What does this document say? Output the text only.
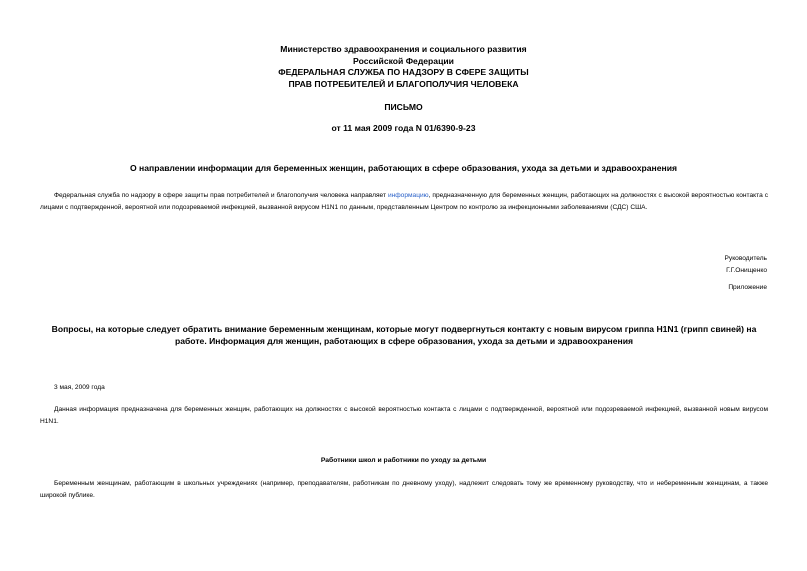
Министерство здравоохранения и социального развития
Российской Федерации
ФЕДЕРАЛЬНАЯ СЛУЖБА ПО НАДЗОРУ В СФЕРЕ ЗАЩИТЫ
ПРАВ ПОТРЕБИТЕЛЕЙ И БЛАГОПОЛУЧИЯ ЧЕЛОВЕКА
ПИСЬМО
от 11 мая 2009 года N 01/6390-9-23
О направлении информации для беременных женщин, работающих в сфере образования, ухода за детьми и здравоохранения
Федеральная служба по надзору в сфере защиты прав потребителей и благополучия человека направляет информацию, предназначенную для беременных женщин, работающих на должностях с высокой вероятностью контакта с лицами с подтвержденной, вероятной или подозреваемой инфекцией, вызванной вирусом H1N1 по данным, представленным Центром по контролю за инфекционными заболеваниями (СДС) США.
Руководитель
Г.Г.Онищенко
Приложение
Вопросы, на которые следует обратить внимание беременным женщинам, которые могут подвергнуться контакту с новым вирусом гриппа H1N1 (грипп свиней) на
работе. Информация для женщин, работающих в сфере образования, ухода за детьми и здравоохранения
3 мая, 2009 года
Данная информация предназначена для беременных женщин, работающих на должностях с высокой вероятностью контакта с лицами с подтвержденной, вероятной или подозреваемой инфекцией, вызванной новым вирусом H1N1.
Работники школ и работники по уходу за детьми
Беременным женщинам, работающим в школьных учреждениях (например, преподавателям, работникам по дневному уходу), надлежит следовать тому же временному руководству, что и небеременным женщинам, а также широкой публике.
